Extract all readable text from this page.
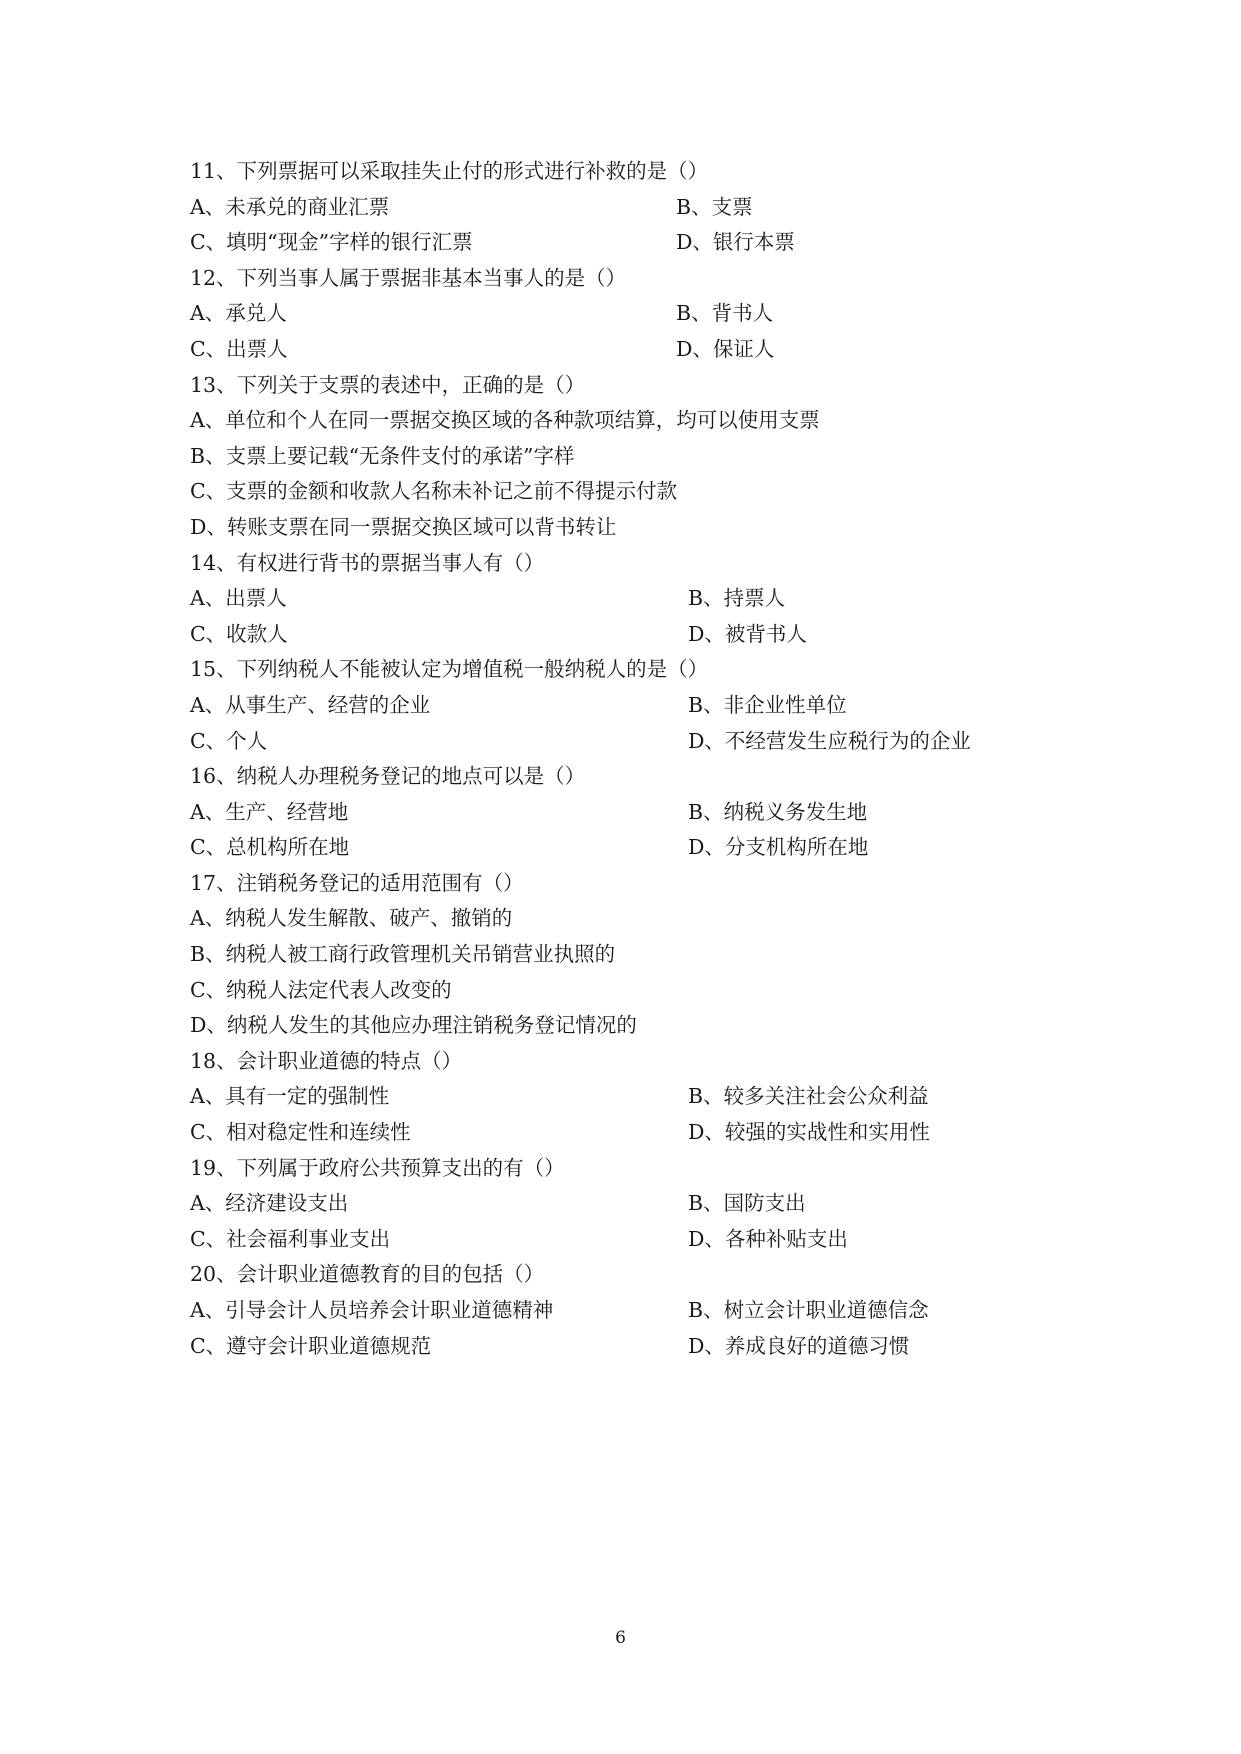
11、下列票据可以采取挂失止付的形式进行补救的是（）
A、未承兑的商业汇票	B、支票
C、填明“现金”字样的银行汇票	D、银行本票
12、下列当事人属于票据非基本当事人的是（）
A、承兑人	B、背书人
C、出票人	D、保证人
13、下列关于支票的表述中，正确的是（）
A、单位和个人在同一票据交换区域的各种款项结算，均可以使用支票
B、支票上要记载“无条件支付的承诺”字样
C、支票的金额和收款人名称未补记之前不得提示付款
D、转账支票在同一票据交换区域可以背书转让
14、有权进行背书的票据当事人有（）
A、出票人	B、持票人
C、收款人	D、被背书人
15、下列纳税人不能被认定为增值税一般纳税人的是（）
A、从事生产、经营的企业	B、非企业性单位
C、个人	D、不经营发生应税行为的企业
16、纳税人办理税务登记的地点可以是（）
A、生产、经营地	B、纳税义务发生地
C、总机构所在地	D、分支机构所在地
17、注销税务登记的适用范围有（）
A、纳税人发生解散、破产、撤销的
B、纳税人被工商行政管理机关吊销营业执照的
C、纳税人法定代表人改变的
D、纳税人发生的其他应办理注销税务登记情况的
18、会计职业道德的特点（）
A、具有一定的强制性	B、较多关注社会公众利益
C、相对稳定性和连续性	D、较强的实战性和实用性
19、下列属于政府公共预算支出的有（）
A、经济建设支出	B、国防支出
C、社会福利事业支出	D、各种补贴支出
20、会计职业道德教育的目的包括（）
A、引导会计人员培养会计职业道德精神	B、树立会计职业道德信念
C、遵守会计职业道德规范	D、养成良好的道德习惯
6
